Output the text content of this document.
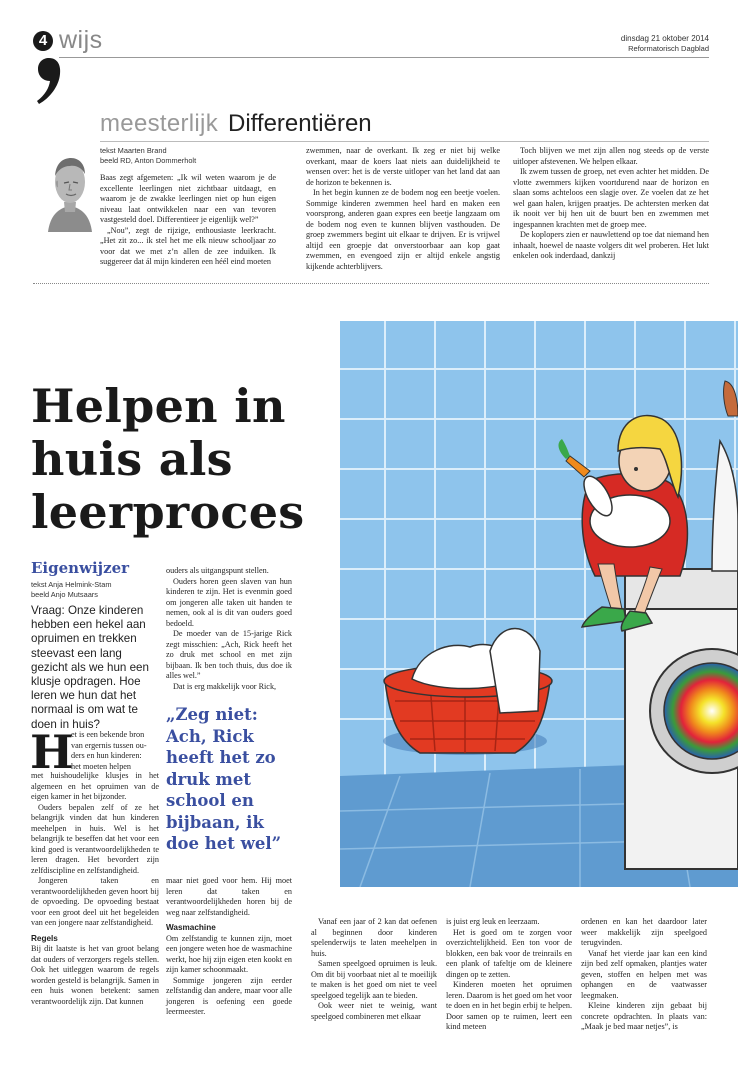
4 wijs	dinsdag 21 oktober 2014
Reformatorisch Dagblad
meesterlijk Differentiëren
tekst Maarten Brand
beeld RD, Anton Dommerholt

Baas zegt afgemeten: „Ik wil weten waarom je de excellente leerlingen niet zichtbaar uitdaagt, en waarom je de zwakke leerlingen niet op hun eigen niveau laat ontwikkelen naar een van tevoren vastgesteld doel. Differentieer je eigenlijk wel?”

„Nou”, zegt de rijzige, enthousiaste leerkracht. „Het zit zo... ik stel het me elk nieuw schooljaar zo voor dat we met z’n allen de zee induiken. Ik suggereer dat ál mijn kinderen een héél eind moeten

zwemmen, naar de overkant. Ik zeg er niet bij welke overkant, maar de koers laat niets aan duidelijkheid te wensen over: het is de verste uitloper van het land dat aan de horizon te bekennen is.

In het begin kunnen ze de bodem nog een beetje voelen. Sommige kinderen zwemmen heel hard en maken een voorsprong, anderen gaan expres een beetje langzaam om de bodem nog even te kunnen blijven vasthouden. De groep zwemmers begint uit elkaar te drijven. Er is vrijwel altijd een groepje dat onverstoorbaar aan kop gaat zwemmen, en evengoed zijn er altijd enkele angstig kijkende achterblijvers.

Toch blijven we met zijn allen nog steeds op de verste uitloper afstevenen. We helpen elkaar.

Ik zwem tussen de groep, net even achter het midden. De vlotte zwemmers kijken voortdurend naar de horizon en slaan soms achteloos een slagje over. Ze voelen dat ze het wel gaan halen, krijgen praatjes. De achtersten merken dat ik nooit ver bij hen uit de buurt ben en zwemmen met ingespannen krachten met de groep mee.

De koplopers zien er nauwlettend op toe dat niemand hen inhaalt, hoewel de naaste volgers dit wel proberen. Het lukt enkelen ook inderdaad, dankzij

Helpen in huis als leerproces
Eigenwijzer
tekst Anja Helmink-Stam
beeld Anjo Mutsaars
Vraag: Onze kinderen hebben een hekel aan opruimen en trekken steevast een lang gezicht als we hun een klusje opdragen. Hoe leren we hun dat het normaal is om wat te doen in huis?
H
et is een bekende bron
van ergernis tussen ou-
ders en hun kinderen:
het moeten helpen

met huishoudelijke klusjes in het algemeen en het opruimen van de eigen kamer in het bijzonder.

Ouders bepalen zelf of ze het belangrijk vinden dat hun kinderen meehelpen in huis. Wel is het belangrijk te beseffen dat het voor een kind goed is verantwoordelijkheden te leren dragen. Het bevordert zijn zelfdiscipline en zelfstandigheid.

Jongeren taken en verantwoordelijkheden geven hoort bij de opvoeding. De opvoeding bestaat voor een groot deel uit het begeleiden van een jongere naar zelfstandigheid.

Regels

Bij dit laatste is het van groot belang dat ouders of verzorgers regels stellen. Ook het uitleggen waarom de regels worden gesteld is belangrijk. Samen in een huis wonen betekent: samen verantwoordelijk zijn. Dat kunnen

ouders als uitgangspunt stellen.

Ouders horen geen slaven van hun kinderen te zijn. Het is evenmin goed om jongeren alle taken uit handen te nemen, ook al is dit van ouders goed bedoeld.

De moeder van de 15-jarige Rick zegt misschien: „Ach, Rick heeft het zo druk met school en met zijn bijbaan. Ik ben toch thuis, dus doe ik alles wel.”

Dat is erg makkelijk voor Rick,

„Zeg niet: Ach, Rick heeft het zo druk met school en bijbaan, ik doe het wel”

maar niet goed voor hem. Hij moet leren dat taken en verantwoordelijkheden horen bij de weg naar zelfstandigheid.

Wasmachine

Om zelfstandig te kunnen zijn, moet een jongere weten hoe de wasmachine werkt, hoe hij zijn eigen eten kookt en zijn kamer schoonmaakt.

Sommige jongeren zijn eerder zelfstandig dan andere, maar voor alle jongeren is oefening een goede leermeester.

Vanaf een jaar of 2 kan dat oefenen al beginnen door kinderen spelenderwijs te laten meehelpen in huis.

Samen speelgoed opruimen is leuk. Om dit bij voorbaat niet al te moeilijk te maken is het goed om niet te veel speelgoed tegelijk aan te bieden.

Ook weer niet te weinig, want speelgoed combineren met elkaar

is juist erg leuk en leerzaam.

Het is goed om te zorgen voor overzichtelijkheid. Een ton voor de blokken, een bak voor de treinrails en een plank of tafeltje om de kleinere dingen op te zetten.

Kinderen moeten het opruimen leren. Daarom is het goed om het voor te doen en in het begin erbij te helpen. Door samen op te ruimen, leert een kind meteen

ordenen en kan het daardoor later weer makkelijk zijn speelgoed terugvinden.

Vanaf het vierde jaar kan een kind zijn bed zelf opmaken, plantjes water geven, stoffen en helpen met was ophangen en de vaatwasser leegmaken.

Kleine kinderen zijn gebaat bij concrete opdrachten. In plaats van: „Maak je bed maar netjes”, is
